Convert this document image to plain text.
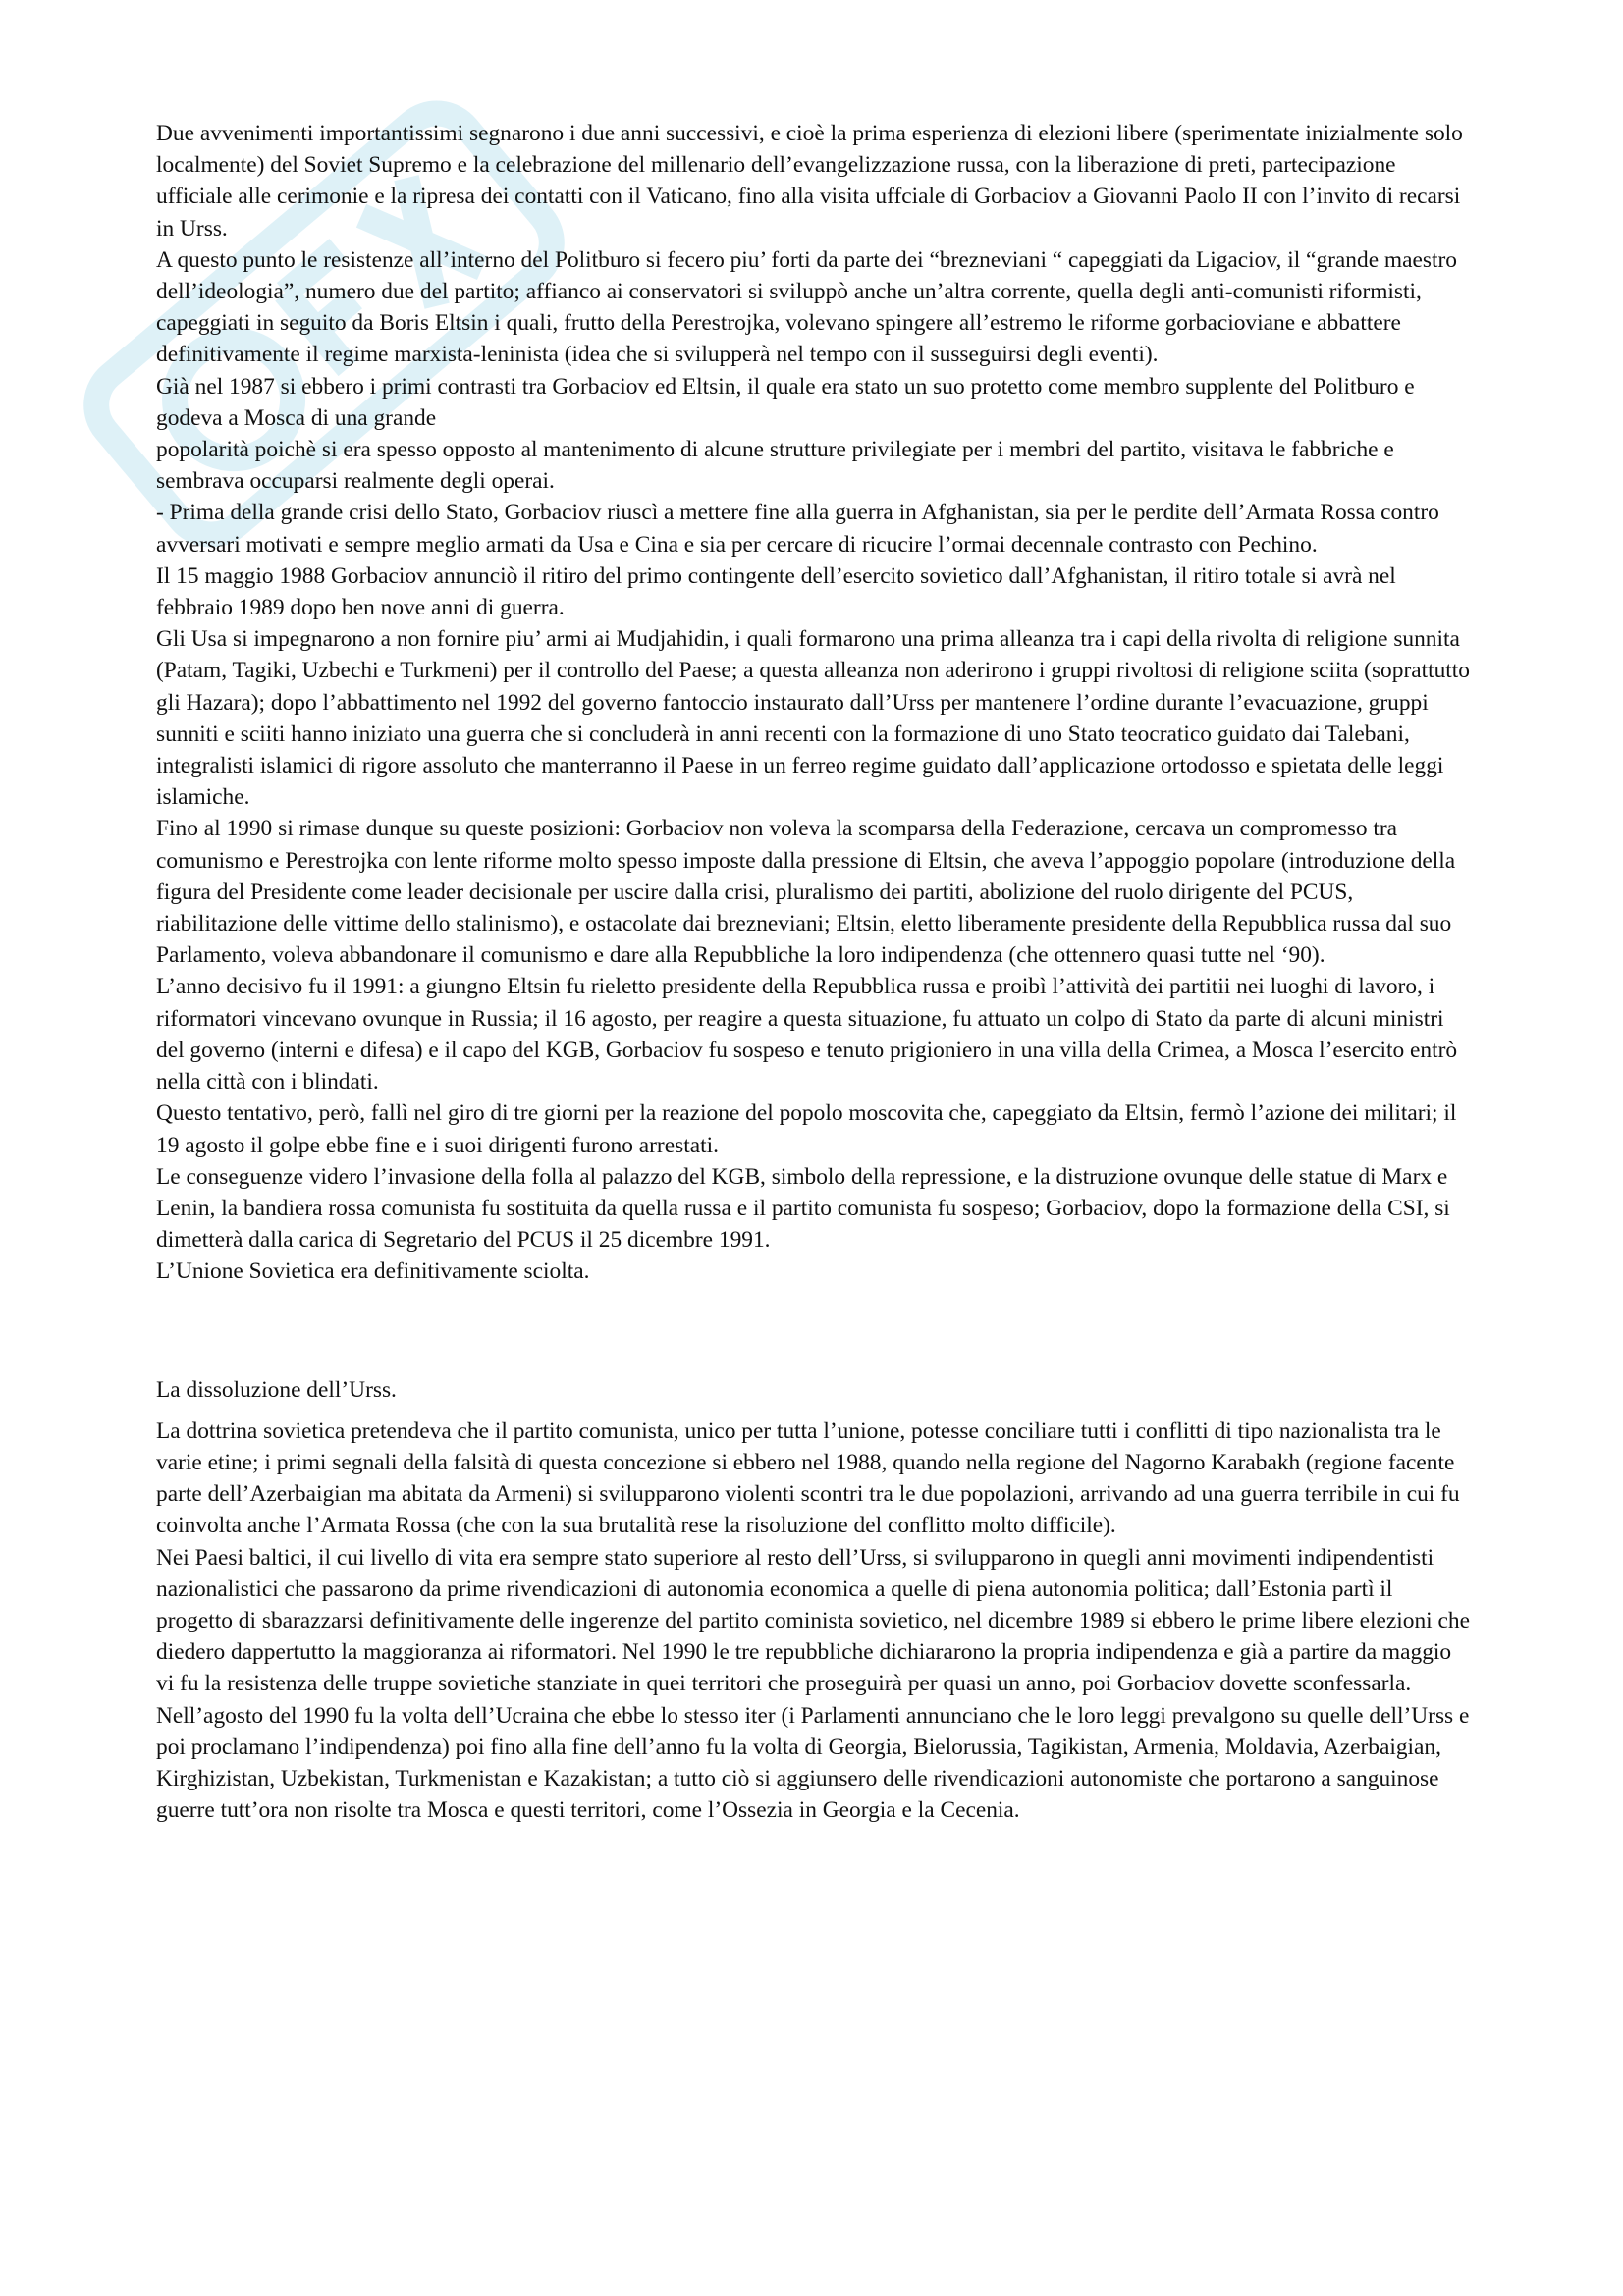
Due avvenimenti importantissimi segnarono i due anni successivi, e cioè la prima esperienza di elezioni libere (sperimentate inizialmente solo localmente) del Soviet Supremo e la celebrazione del millenario dell’evangelizzazione russa, con la liberazione di preti, partecipazione ufficiale alle cerimonie e la ripresa dei contatti con il Vaticano, fino alla visita uffciale di Gorbaciov a Giovanni Paolo II con l’invito di recarsi in Urss.

A questo punto le resistenze all’interno del Politburo si fecero piu’ forti da parte dei “brezneviani “ capeggiati da Ligaciov, il “grande maestro dell’ideologia”, numero due del partito; affianco ai conservatori si sviluppò anche un’altra corrente, quella degli anti-comunisti riformisti, capeggiati in seguito da Boris Eltsin i quali, frutto della Perestrojka, volevano spingere all’estremo le riforme gorbacioviane e abbattere definitivamente il regime marxista-leninista (idea che si svilupperà nel tempo con il susseguirsi degli eventi).

Già nel 1987 si ebbero i primi contrasti tra Gorbaciov ed Eltsin, il quale era stato un suo protetto come membro supplente del Politburo e godeva a Mosca di una grande

popolarità poichè si era spesso opposto al mantenimento di alcune strutture privilegiate per i membri del partito, visitava le fabbriche e sembrava occuparsi realmente degli operai.

- Prima della grande crisi dello Stato, Gorbaciov riuscì a mettere fine alla guerra in Afghanistan, sia per le perdite dell’Armata Rossa contro avversari motivati e sempre meglio armati da Usa e Cina e sia per cercare di ricucire l’ormai decennale contrasto con Pechino.

Il 15 maggio 1988 Gorbaciov annunciò il ritiro del primo contingente dell’esercito sovietico dall’Afghanistan, il ritiro totale si avrà nel febbraio 1989 dopo ben nove anni di guerra.

Gli Usa si impegnarono a non fornire piu’ armi ai Mudjahidin, i quali formarono una prima alleanza tra i capi della rivolta di religione sunnita (Patam, Tagiki, Uzbechi e Turkmeni) per il controllo del Paese; a questa alleanza non aderirono i gruppi rivoltosi di religione sciita (soprattutto gli Hazara); dopo l’abbattimento nel 1992 del governo fantoccio instaurato dall’Urss per mantenere l’ordine durante l’evacuazione, gruppi sunniti e sciiti hanno iniziato una guerra che si concluderà in anni recenti con la formazione di uno Stato teocratico guidato dai Talebani, integralisti islamici di rigore assoluto che manterranno il Paese in un ferreo regime guidato dall’applicazione ortodosso e spietata delle leggi islamiche.

Fino al 1990 si rimase dunque su queste posizioni: Gorbaciov non voleva la scomparsa della Federazione, cercava un compromesso tra comunismo e Perestrojka con lente riforme molto spesso imposte dalla pressione di Eltsin, che aveva l’appoggio popolare (introduzione della figura del Presidente come leader decisionale per uscire dalla crisi, pluralismo dei partiti, abolizione del ruolo dirigente del PCUS, riabilitazione delle vittime dello stalinismo), e ostacolate dai brezneviani; Eltsin, eletto liberamente presidente della Repubblica russa dal suo Parlamento, voleva abbandonare il comunismo e dare alla Repubbliche la loro indipendenza (che ottennero quasi tutte nel ‘90).

L’anno decisivo fu il 1991: a giungno Eltsin fu rieletto presidente della Repubblica russa e proibì l’attività dei partitii nei luoghi di lavoro, i riformatori vincevano ovunque in Russia; il 16 agosto, per reagire a questa situazione, fu attuato un colpo di Stato da parte di alcuni ministri del governo (interni e difesa) e il capo del KGB, Gorbaciov fu sospeso e tenuto prigioniero in una villa della Crimea, a Mosca l’esercito entrò nella città con i blindati.

Questo tentativo, però, fallì nel giro di tre giorni per la reazione del popolo moscovita che, capeggiato da Eltsin, fermò l’azione dei militari; il 19 agosto il golpe ebbe fine e i suoi dirigenti furono arrestati.

Le conseguenze videro l’invasione della folla al palazzo del KGB, simbolo della repressione, e la distruzione ovunque delle statue di Marx e Lenin, la bandiera rossa comunista fu sostituita da quella russa e il partito comunista fu sospeso; Gorbaciov, dopo la formazione della CSI, si dimetterà dalla carica di Segretario del PCUS il 25 dicembre 1991.

L’Unione Sovietica era definitivamente sciolta.

La dissoluzione dell’Urss.

La dottrina sovietica pretendeva che il partito comunista, unico per tutta l’unione, potesse conciliare tutti i conflitti di tipo nazionalista tra le varie etine; i primi segnali della falsità di questa concezione si ebbero nel 1988, quando nella regione del Nagorno Karabakh (regione facente parte dell’Azerbaigian ma abitata da Armeni) si svilupparono violenti scontri tra le due popolazioni, arrivando ad una guerra terribile in cui fu coinvolta anche l’Armata Rossa (che con la sua brutalità rese la risoluzione del conflitto molto difficile).

Nei Paesi baltici, il cui livello di vita era sempre stato superiore al resto dell’Urss, si svilupparono in quegli anni movimenti indipendentisti nazionalistici che passarono da prime rivendicazioni di autonomia economica a quelle di piena autonomia politica; dall’Estonia partì il progetto di sbarazzarsi definitivamente delle ingerenze del partito cominista sovietico, nel dicembre 1989 si ebbero le prime libere elezioni che diedero dappertutto la maggioranza ai riformatori. Nel 1990 le tre repubbliche dichiararono la propria indipendenza e già a partire da maggio vi fu la resistenza delle truppe sovietiche stanziate in quei territori che proseguirà per quasi un anno, poi Gorbaciov dovette sconfessarla.

Nell’agosto del 1990 fu la volta dell’Ucraina che ebbe lo stesso iter (i Parlamenti annunciano che le loro leggi prevalgono su quelle dell’Urss e poi proclamano l’indipendenza) poi fino alla fine dell’anno fu la volta di Georgia, Bielorussia, Tagikistan, Armenia, Moldavia, Azerbaigian, Kirghizistan, Uzbekistan, Turkmenistan e Kazakistan; a tutto ciò si aggiunsero delle rivendicazioni autonomiste che portarono a sanguinose guerre tutt’ora non risolte tra Mosca e questi territori, come l’Ossezia in Georgia e la Cecenia.
